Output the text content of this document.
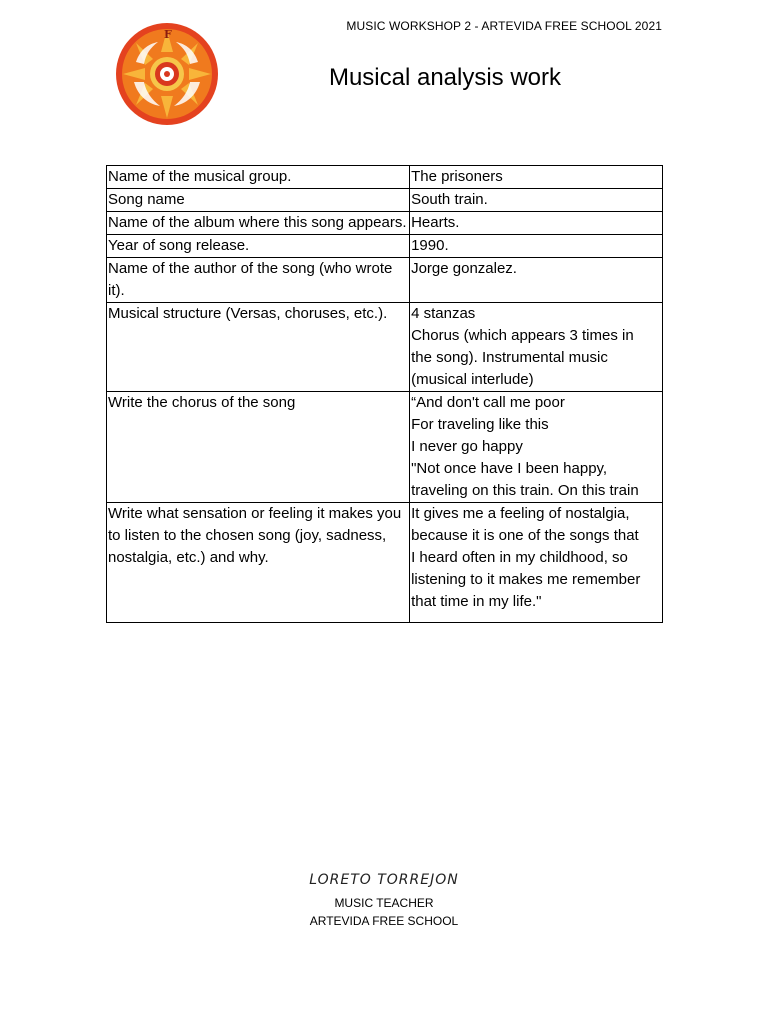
MUSIC WORKSHOP 2 - ARTEVIDA FREE SCHOOL 2021
F
Musical analysis work
Name of the musical group.	The prisoners

Song name	South train.

Name of the album where this song appears.	Hearts.

Year of song release.	1990.

Name of the author of the song (who wrote it).	Jorge gonzalez.

Musical structure (Versas, choruses, etc.).	4 stanzas
Chorus (which appears 3 times in
the song). Instrumental music
(musical interlude)

Write the chorus of the song	“And don't call me poor
For traveling like this
I never go happy
"Not once have I been happy,
traveling on this train. On this train

Write what sensation or feeling it makes you to listen to the chosen song (joy, sadness, nostalgia, etc.) and why.	It gives me a feeling of nostalgia,
because it is one of the songs that
I heard often in my childhood, so
listening to it makes me remember
that time in my life."
LORETO TORREJON
MUSIC TEACHER
ARTEVIDA FREE SCHOOL
